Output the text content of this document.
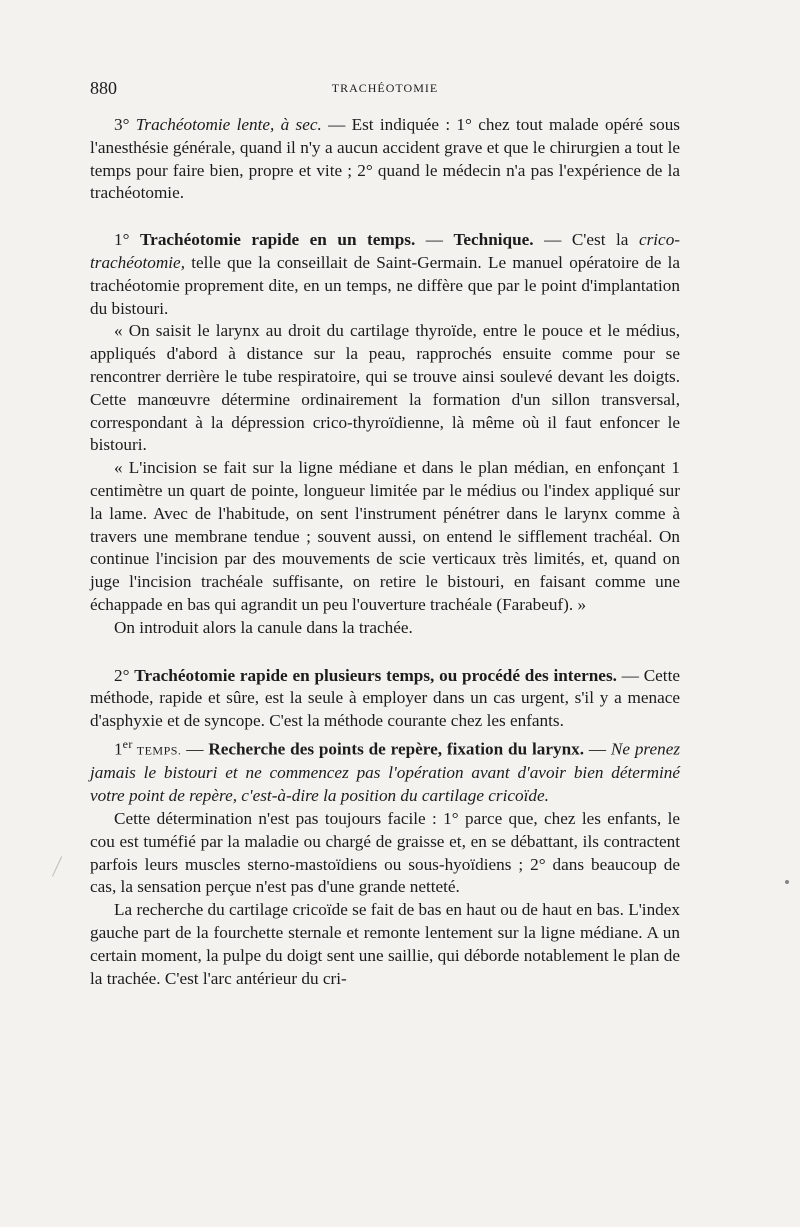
880	TRACHÉOTOMIE

3° Trachéotomie lente, à sec. — Est indiquée : 1° chez tout malade opéré sous l'anesthésie générale, quand il n'y a aucun accident grave et que le chirurgien a tout le temps pour faire bien, propre et vite ; 2° quand le médecin n'a pas l'expérience de la trachéotomie.

1° Trachéotomie rapide en un temps. — Technique. — C'est la crico-trachéotomie, telle que la conseillait de Saint-Germain. Le manuel opératoire de la trachéotomie proprement dite, en un temps, ne diffère que par le point d'implantation du bistouri.

« On saisit le larynx au droit du cartilage thyroïde, entre le pouce et le médius, appliqués d'abord à distance sur la peau, rapprochés ensuite comme pour se rencontrer derrière le tube respiratoire, qui se trouve ainsi soulevé devant les doigts. Cette manœuvre détermine ordinairement la formation d'un sillon transversal, correspondant à la dépression crico-thyroïdienne, là même où il faut enfoncer le bistouri.

« L'incision se fait sur la ligne médiane et dans le plan médian, en enfonçant 1 centimètre un quart de pointe, longueur limitée par le médius ou l'index appliqué sur la lame. Avec de l'habitude, on sent l'instrument pénétrer dans le larynx comme à travers une membrane tendue ; souvent aussi, on entend le sifflement trachéal. On continue l'incision par des mouvements de scie verticaux très limités, et, quand on juge l'incision trachéale suffisante, on retire le bistouri, en faisant comme une échappade en bas qui agrandit un peu l'ouverture trachéale (Farabeuf). »

On introduit alors la canule dans la trachée.

2° Trachéotomie rapide en plusieurs temps, ou procédé des internes. — Cette méthode, rapide et sûre, est la seule à employer dans un cas urgent, s'il y a menace d'asphyxie et de syncope. C'est la méthode courante chez les enfants.

1er TEMPS. — Recherche des points de repère, fixation du larynx. — Ne prenez jamais le bistouri et ne commencez pas l'opération avant d'avoir bien déterminé votre point de repère, c'est-à-dire la position du cartilage cricoïde.

Cette détermination n'est pas toujours facile : 1° parce que, chez les enfants, le cou est tuméfié par la maladie ou chargé de graisse et, en se débattant, ils contractent parfois leurs muscles sterno-mastoïdiens ou sous-hyoïdiens ; 2° dans beaucoup de cas, la sensation perçue n'est pas d'une grande netteté.

La recherche du cartilage cricoïde se fait de bas en haut ou de haut en bas. L'index gauche part de la fourchette sternale et remonte lentement sur la ligne médiane. A un certain moment, la pulpe du doigt sent une saillie, qui déborde notablement le plan de la trachée. C'est l'arc antérieur du cri-
